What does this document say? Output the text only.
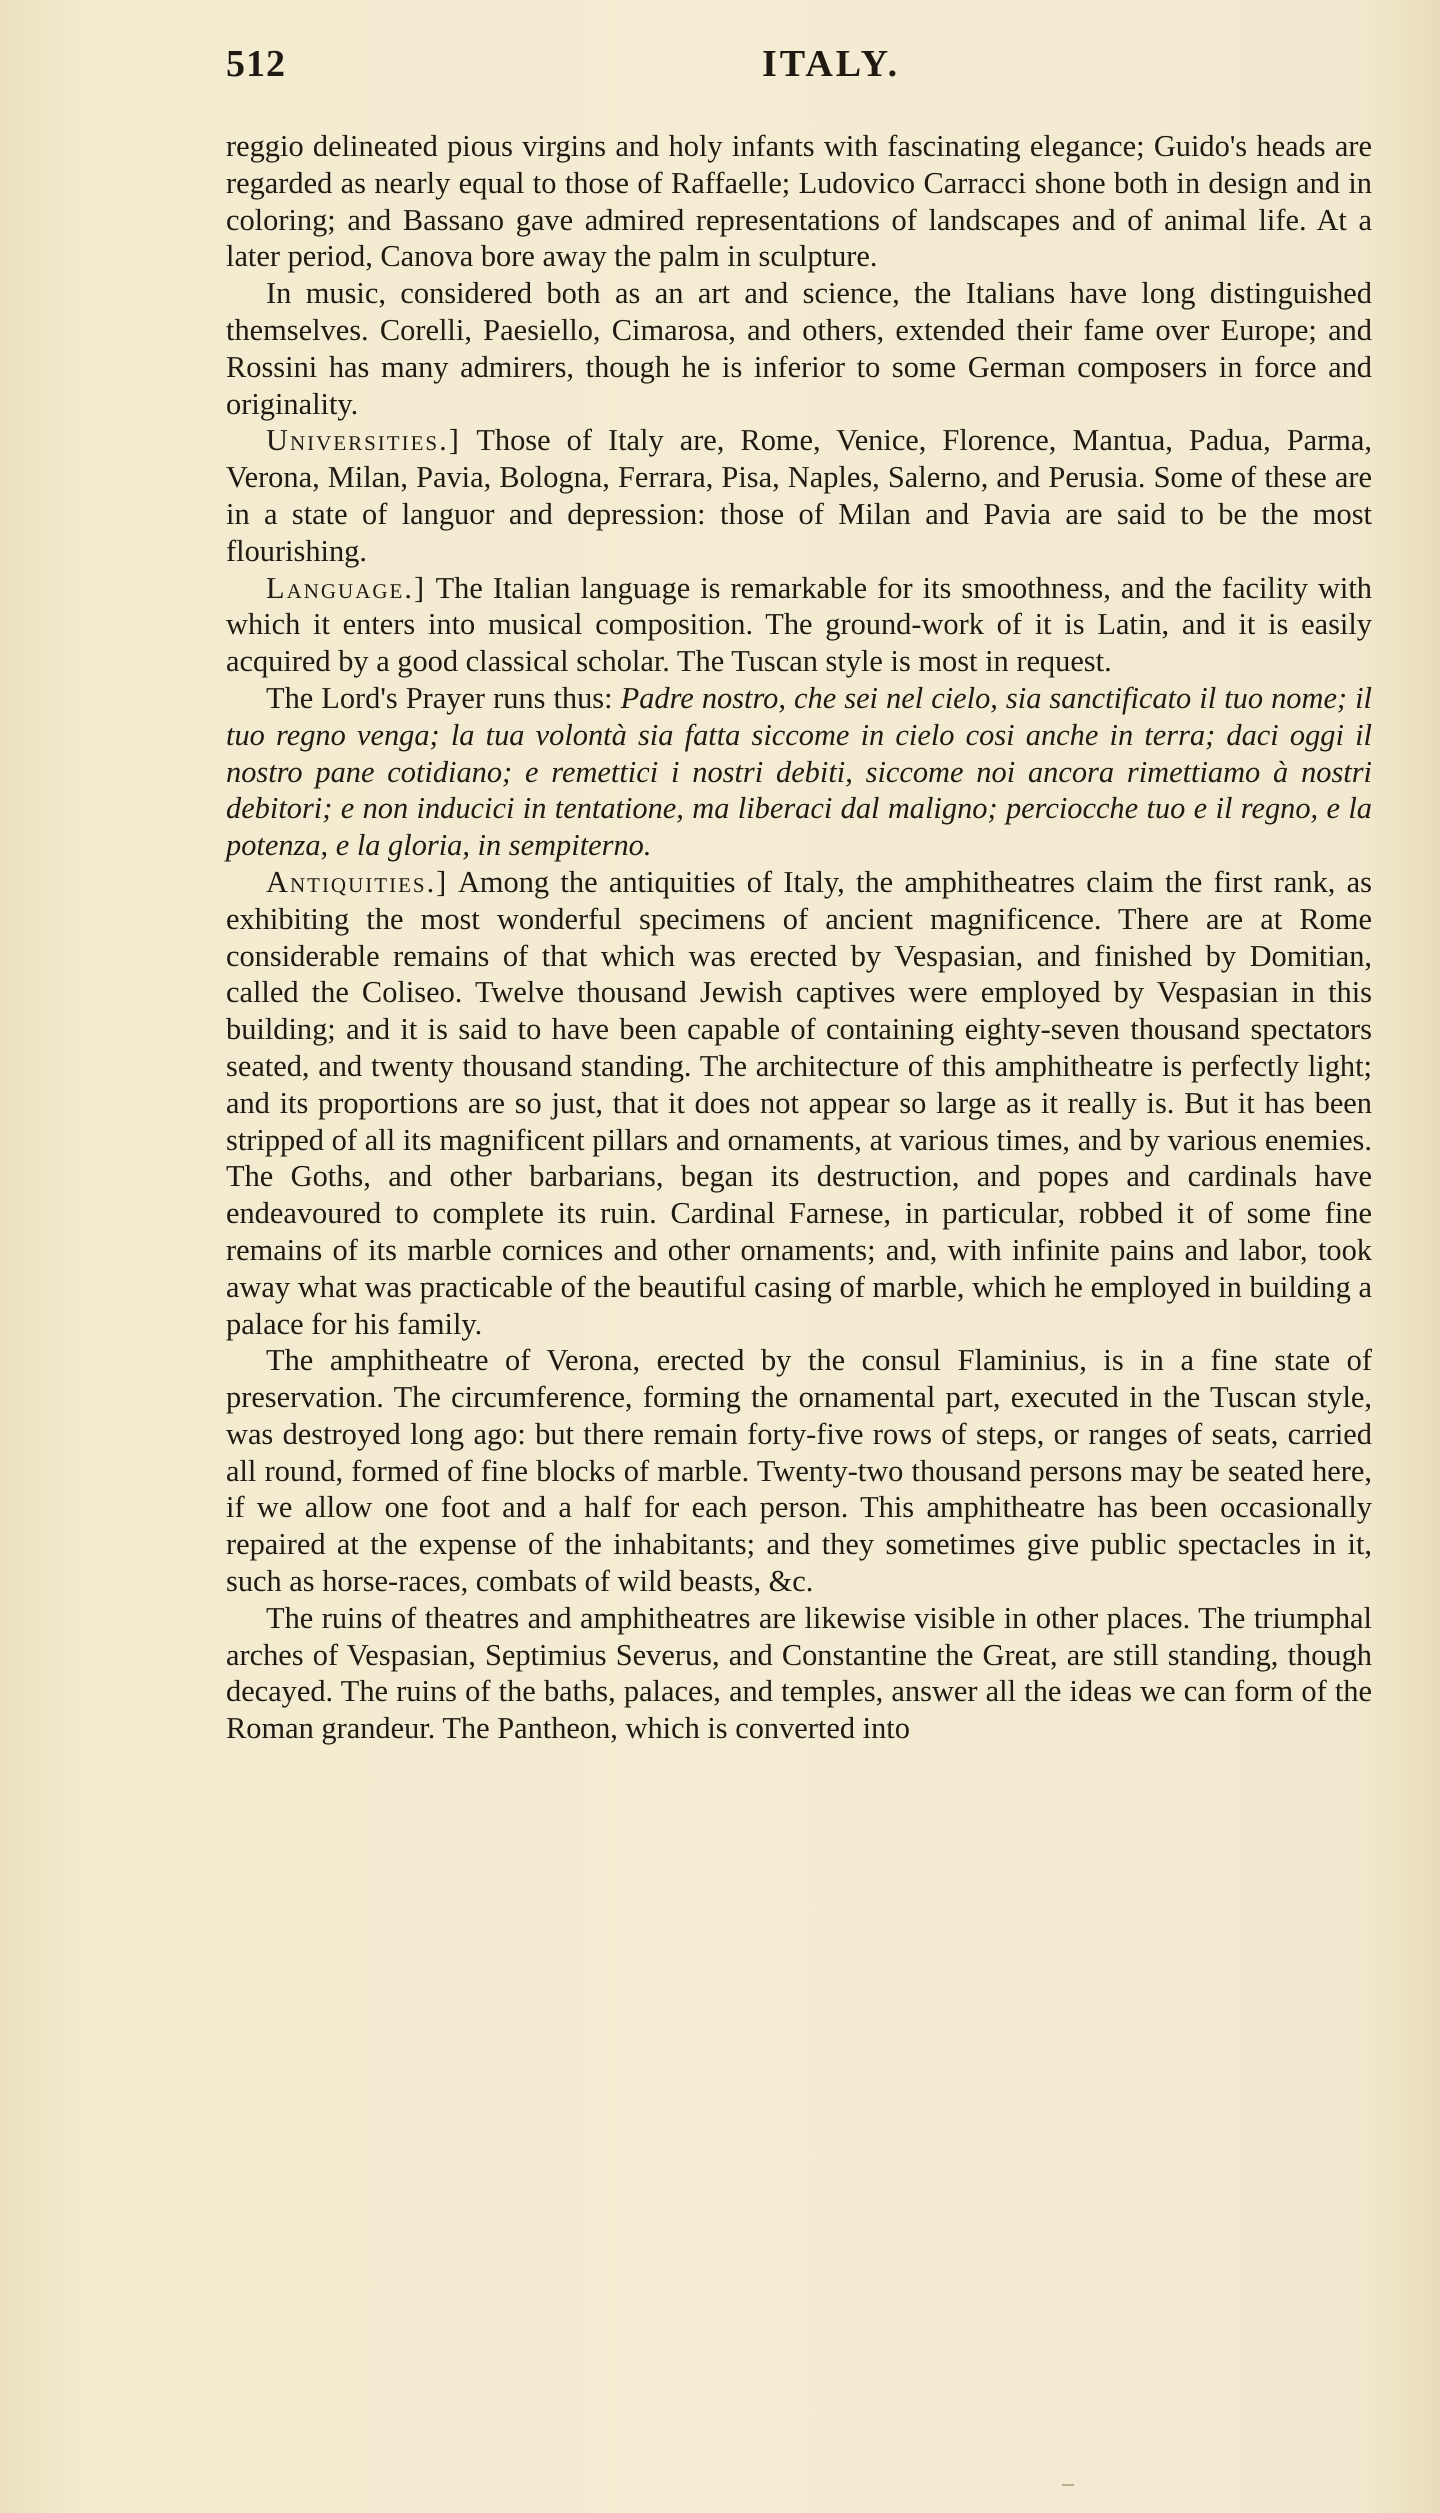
512	ITALY.

reggio delineated pious virgins and holy infants with fascinating elegance; Guido's heads are regarded as nearly equal to those of Raffaelle; Ludovico Carracci shone both in design and in coloring; and Bassano gave admired representations of landscapes and of animal life. At a later period, Canova bore away the palm in sculpture.

In music, considered both as an art and science, the Italians have long distinguished themselves. Corelli, Paesiello, Cimarosa, and others, extended their fame over Europe; and Rossini has many admirers, though he is inferior to some German composers in force and originality.

Universities.] Those of Italy are, Rome, Venice, Florence, Mantua, Padua, Parma, Verona, Milan, Pavia, Bologna, Ferrara, Pisa, Naples, Salerno, and Perusia. Some of these are in a state of languor and depression: those of Milan and Pavia are said to be the most flourishing.

Language.] The Italian language is remarkable for its smoothness, and the facility with which it enters into musical composition. The ground-work of it is Latin, and it is easily acquired by a good classical scholar. The Tuscan style is most in request.

The Lord's Prayer runs thus: Padre nostro, che sei nel cielo, sia sanctificato il tuo nome; il tuo regno venga; la tua volontà sia fatta siccome in cielo cosi anche in terra; daci oggi il nostro pane cotidiano; e remettici i nostri debiti, siccome noi ancora rimettiamo à nostri debitori; e non inducici in tentatione, ma liberaci dal maligno; perciocche tuo e il regno, e la potenza, e la gloria, in sempiterno.

Antiquities.] Among the antiquities of Italy, the amphitheatres claim the first rank, as exhibiting the most wonderful specimens of ancient magnificence. There are at Rome considerable remains of that which was erected by Vespasian, and finished by Domitian, called the Coliseo. Twelve thousand Jewish captives were employed by Vespasian in this building; and it is said to have been capable of containing eighty-seven thousand spectators seated, and twenty thousand standing. The architecture of this amphitheatre is perfectly light; and its proportions are so just, that it does not appear so large as it really is. But it has been stripped of all its magnificent pillars and ornaments, at various times, and by various enemies. The Goths, and other barbarians, began its destruction, and popes and cardinals have endeavoured to complete its ruin. Cardinal Farnese, in particular, robbed it of some fine remains of its marble cornices and other ornaments; and, with infinite pains and labor, took away what was practicable of the beautiful casing of marble, which he employed in building a palace for his family.

The amphitheatre of Verona, erected by the consul Flaminius, is in a fine state of preservation. The circumference, forming the ornamental part, executed in the Tuscan style, was destroyed long ago: but there remain forty-five rows of steps, or ranges of seats, carried all round, formed of fine blocks of marble. Twenty-two thousand persons may be seated here, if we allow one foot and a half for each person. This amphitheatre has been occasionally repaired at the expense of the inhabitants; and they sometimes give public spectacles in it, such as horse-races, combats of wild beasts, &c.

The ruins of theatres and amphitheatres are likewise visible in other places. The triumphal arches of Vespasian, Septimius Severus, and Constantine the Great, are still standing, though decayed. The ruins of the baths, palaces, and temples, answer all the ideas we can form of the Roman grandeur. The Pantheon, which is converted into
